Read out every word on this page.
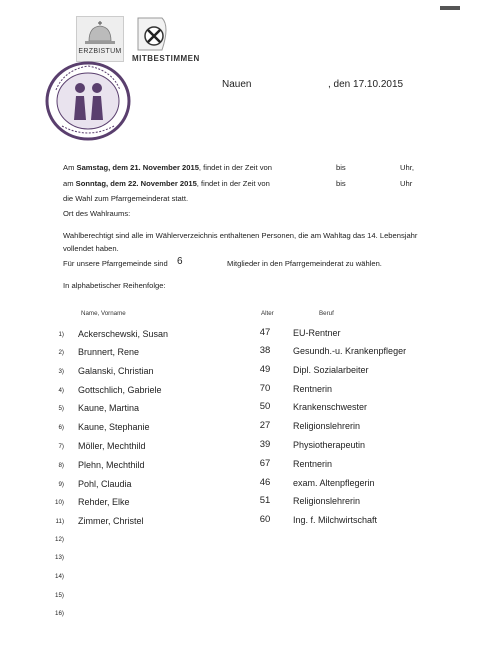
ERZBISTUM
MITBESTIMMEN
Nauen	, den 17.10.2015
Am Samstag, dem 21. November 2015, findet in der Zeit von	bis	Uhr,
am Sonntag, dem 22. November 2015, findet in der Zeit von	bis	Uhr
die Wahl zum Pfarrgemeinderat statt.
Ort des Wahlraums:
Wahlberechtigt sind alle im Wählerverzeichnis enthaltenen Personen, die am Wahltag das 14. Lebensjahr
vollendet haben.
Für unsere Pfarrgemeinde sind 6	Mitglieder in den Pfarrgemeinderat zu wählen.
In alphabetischer Reihenfolge:
Name, Vorname	Alter	Beruf
1) Ackerschewski, Susan	47	EU-Rentner
2) Brunnert, Rene	38	Gesundh.-u. Krankenpfleger
3) Galanski, Christian	49	Dipl. Sozialarbeiter
4) Gottschlich, Gabriele	70	Rentnerin
5) Kaune, Martina	50	Krankenschwester
6) Kaune, Stephanie	27	Religionslehrerin
7) Möller, Mechthild	39	Physiotherapeutin
8) Plehn, Mechthild	67	Rentnerin
9) Pohl, Claudia	46	exam. Altenpflegerin
10) Rehder, Elke	51	Religionslehrerin
11) Zimmer, Christel	60	Ing. f. Milchwirtschaft
12)
13)
14)
15)
16)
